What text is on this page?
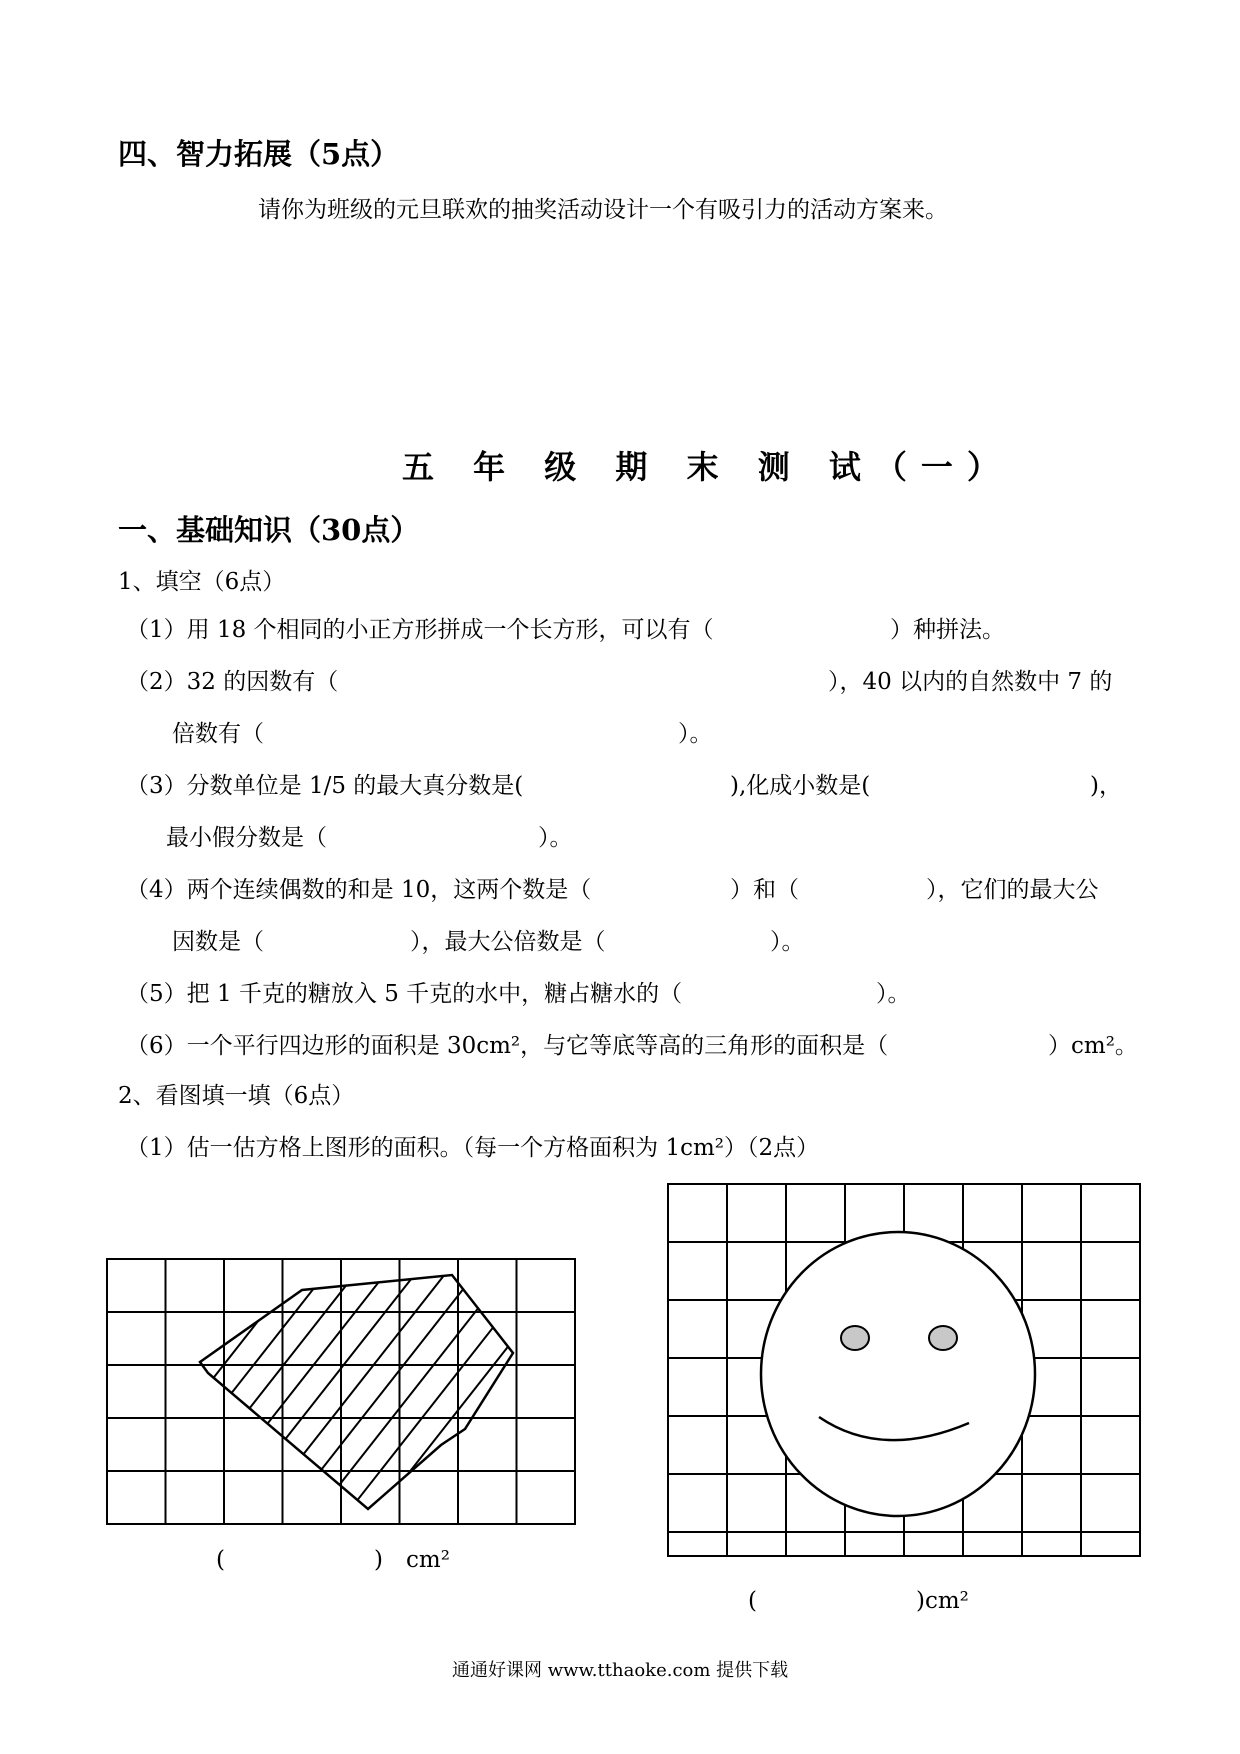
四、智力拓展（5点）
请你为班级的元旦联欢的抽奖活动设计一个有吸引力的活动方案来。
五 年 级 期 末 测 试（一）
一、基础知识（30点）
1、填空（6点）
（1）用 18 个相同的小正方形拼成一个长方形，可以有（	）种拼法。
（2）32 的因数有（	），40 以内的自然数中 7 的
倍数有（	）。
（3）分数单位是 1/5 的最大真分数是(	),化成小数是(	)，
最小假分数是（	）。
（4）两个连续偶数的和是 10，这两个数是（	）和（	），它们的最大公
因数是（	），最大公倍数是（	）。
（5）把 1 千克的糖放入 5 千克的水中，糖占糖水的（	）。
（6）一个平行四边形的面积是 30cm²，与它等底等高的三角形的面积是（	）cm²。
2、看图填一填（6点）
（1）估一估方格上图形的面积。（每一个方格面积为 1cm²）（2点）
(	) cm²
(	)cm²
通通好课网 www.tthaoke.com 提供下载
